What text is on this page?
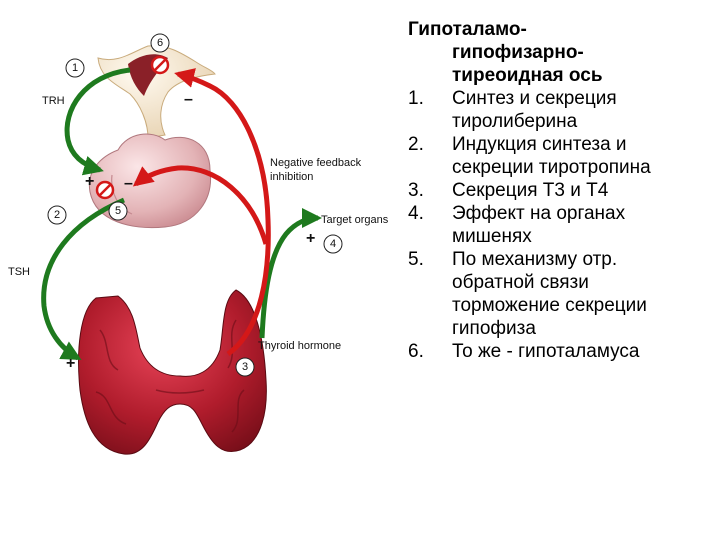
1
2
3
4
5
6
+ –
–
+
+
TRH
TSH
Negative feedback
inhibition
Target organs
Thyroid hormone
Гипоталамо-
гипофизарно-
тиреоидная ось
1. Синтез и секреция
тиролиберина
2. Индукция синтеза и
секреции тиротропина
3. Секреция Т3 и Т4
4. Эффект на органах
мишенях
5. По механизму отр.
обратной связи
торможение секреции
гипофиза
6. То же - гипоталамуса
